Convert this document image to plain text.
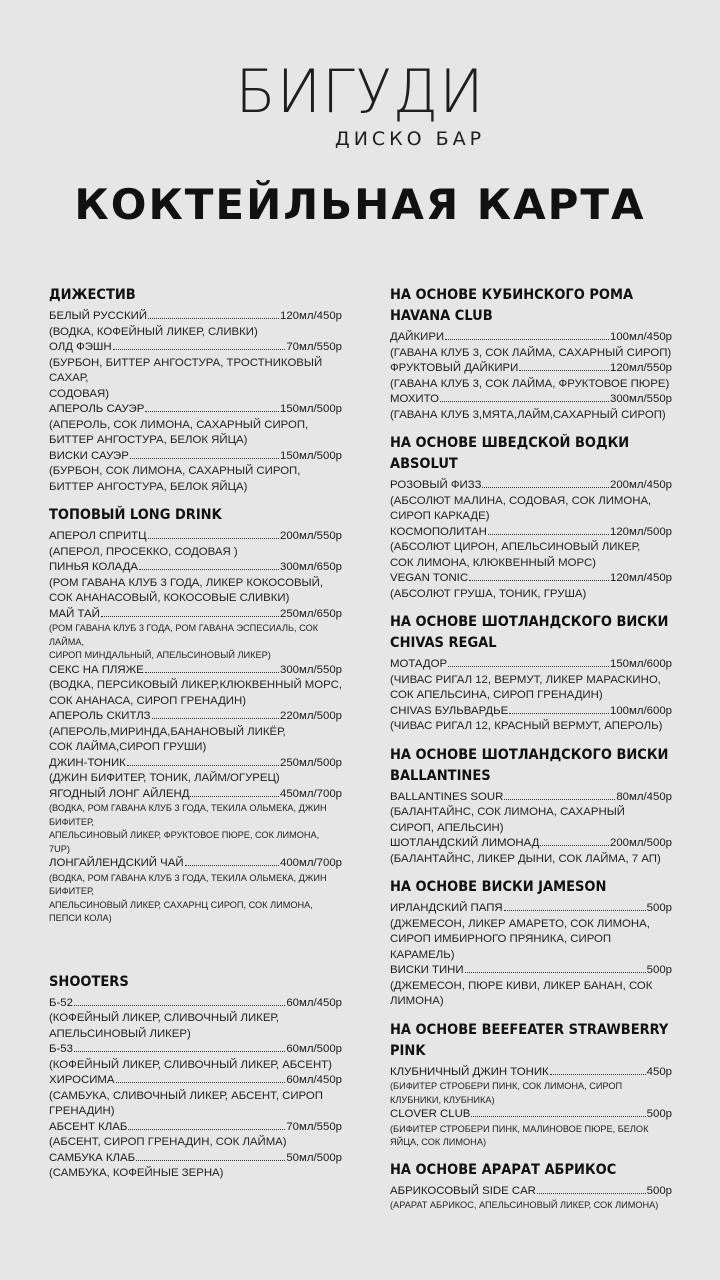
БИГУДИ
ДИСКО БАР
КОКТЕЙЛЬНАЯ КАРТА
ДИЖЕСТИВ
БЕЛЫЙ РУССКИЙ	120мл/450р
(ВОДКА, КОФЕЙНЫЙ ЛИКЕР, СЛИВКИ)
ОЛД ФЭШН	70мл/550р
(БУРБОН, БИТТЕР АНГОСТУРА, ТРОСТНИКОВЫЙ САХАР,
СОДОВАЯ)
АПЕРОЛЬ САУЭР	150мл/500р
(АПЕРОЛЬ, СОК ЛИМОНА, САХАРНЫЙ СИРОП,
БИТТЕР АНГОСТУРА, БЕЛОК ЯЙЦА)
ВИСКИ САУЭР	150мл/500р
(БУРБОН, СОК ЛИМОНА, САХАРНЫЙ СИРОП,
БИТТЕР АНГОСТУРА, БЕЛОК ЯЙЦА)
ТОПОВЫЙ LONG DRINK
АПЕРОЛ СПРИТЦ	200мл/550р
(АПЕРОЛ, ПРОСЕККО, СОДОВАЯ )
ПИНЬЯ КОЛАДА	300мл/650р
(РОМ ГАВАНА КЛУБ 3 ГОДА, ЛИКЕР КОКОСОВЫЙ,
СОК АНАНАСОВЫЙ, КОКОСОВЫЕ СЛИВКИ)
МАЙ ТАЙ	250мл/650р
(РОМ ГАВАНА КЛУБ 3 ГОДА, РОМ ГАВАНА ЭСПЕСИАЛЬ, СОК ЛАЙМА,
СИРОП МИНДАЛЬНЫЙ, АПЕЛЬСИНОВЫЙ ЛИКЕР)
СЕКС НА ПЛЯЖЕ	300мл/550р
(ВОДКА, ПЕРСИКОВЫЙ ЛИКЕР,КЛЮКВЕННЫЙ МОРС,
СОК АНАНАСА, СИРОП ГРЕНАДИН)
АПЕРОЛЬ СКИТЛЗ	220мл/500р
(АПЕРОЛЬ,МИРИНДА,БАНАНОВЫЙ ЛИКЁР,
СОК ЛАЙМА,СИРОП ГРУШИ)
ДЖИН-ТОНИК	250мл/500р
(ДЖИН БИФИТЕР, ТОНИК, ЛАЙМ/ОГУРЕЦ)
ЯГОДНЫЙ ЛОНГ АЙЛЕНД	450мл/700р
(ВОДКА, РОМ ГАВАНА КЛУБ 3 ГОДА, ТЕКИЛА ОЛЬМЕКА, ДЖИН БИФИТЕР,
АПЕЛЬСИНОВЫЙ ЛИКЕР, ФРУКТОВОЕ ПЮРЕ, СОК ЛИМОНА, 7UP)
ЛОНГАЙЛЕНДСКИЙ ЧАЙ	400мл/700р
(ВОДКА, РОМ ГАВАНА КЛУБ 3 ГОДА, ТЕКИЛА ОЛЬМЕКА, ДЖИН БИФИТЕР,
АПЕЛЬСИНОВЫЙ ЛИКЕР, САХАРНЦ СИРОП, СОК ЛИМОНА, ПЕПСИ КОЛА)
SHOOTERS
Б-52	60мл/450р
(КОФЕЙНЫЙ ЛИКЕР, СЛИВОЧНЫЙ ЛИКЕР,
АПЕЛЬСИНОВЫЙ ЛИКЕР)
Б-53	60мл/500р
(КОФЕЙНЫЙ ЛИКЕР, СЛИВОЧНЫЙ ЛИКЕР, АБСЕНТ)
ХИРОСИМА	60мл/450р
(САМБУКА, СЛИВОЧНЫЙ ЛИКЕР, АБСЕНТ, СИРОП ГРЕНАДИН)
АБСЕНТ КЛАБ	70мл/550р
(АБСЕНТ, СИРОП ГРЕНАДИН, СОК ЛАЙМА)
САМБУКА КЛАБ	50мл/500р
(САМБУКА, КОФЕЙНЫЕ ЗЕРНА)
НА ОСНОВЕ КУБИНСКОГО РОМА
HAVANA CLUB
ДАЙКИРИ	100мл/450р
(ГАВАНА КЛУБ 3, СОК ЛАЙМА, САХАРНЫЙ СИРОП)
ФРУКТОВЫЙ ДАЙКИРИ	120мл/550р
(ГАВАНА КЛУБ 3, СОК ЛАЙМА, ФРУКТОВОЕ ПЮРЕ)
МОХИТО	300мл/550р
(ГАВАНА КЛУБ 3,МЯТА,ЛАЙМ,САХАРНЫЙ СИРОП)
НА ОСНОВЕ ШВЕДСКОЙ ВОДКИ ABSOLUT
РОЗОВЫЙ ФИЗЗ	200мл/450р
(АБСОЛЮТ МАЛИНА, СОДОВАЯ, СОК ЛИМОНА,
СИРОП КАРКАДЕ)
КОСМОПОЛИТАН	120мл/500р
(АБСОЛЮТ ЦИРОН, АПЕЛЬСИНОВЫЙ ЛИКЕР,
СОК ЛИМОНА, КЛЮКВЕННЫЙ МОРС)
VEGAN TONIC	120мл/450р
(АБСОЛЮТ ГРУША, ТОНИК, ГРУША)
НА ОСНОВЕ ШОТЛАНДСКОГО ВИСКИ
CHIVAS REGAL
МОТАДОР	150мл/600р
(ЧИВАС РИГАЛ 12, ВЕРМУТ, ЛИКЕР МАРАСКИНО,
СОК АПЕЛЬСИНА, СИРОП ГРЕНАДИН)
CHIVAS БУЛЬВАРДЬЕ	100мл/600р
(ЧИВАС РИГАЛ 12, КРАСНЫЙ ВЕРМУТ, АПЕРОЛЬ)
НА ОСНОВЕ ШОТЛАНДСКОГО ВИСКИ
BALLANTINES
BALLANTINES SOUR	80мл/450р
(БАЛАНТАЙНС, СОК ЛИМОНА, САХАРНЫЙ СИРОП, АПЕЛЬСИН)
ШОТЛАНДСКИЙ ЛИМОНАД	200мл/500р
(БАЛАНТАЙНС, ЛИКЕР ДЫНИ, СОК ЛАЙМА, 7 АП)
НА ОСНОВЕ ВИСКИ JAMESON
ИРЛАНДСКИЙ ПАПЯ	500р
(ДЖЕМЕСОН, ЛИКЕР АМАРЕТО, СОК ЛИМОНА,
СИРОП ИМБИРНОГО ПРЯНИКА, СИРОП КАРАМЕЛЬ)
ВИСКИ ТИНИ	500р
(ДЖЕМЕСОН, ПЮРЕ КИВИ, ЛИКЕР БАНАН, СОК ЛИМОНА)
НА ОСНОВЕ BEEFEATER STRAWBERRY PINK
КЛУБНИЧНЫЙ ДЖИН ТОНИК	450р
(БИФИТЕР СТРОБЕРИ ПИНК, СОК ЛИМОНА, СИРОП КЛУБНИКИ, КЛУБНИКА)
CLOVER CLUB	500р
(БИФИТЕР СТРОБЕРИ ПИНК, МАЛИНОВОЕ ПЮРЕ, БЕЛОК ЯЙЦА, СОК ЛИМОНА)
НА ОСНОВЕ АРАРАТ АБРИКОС
АБРИКОСОВЫЙ SIDE CAR	500р
(АРАРАТ АБРИКОС, АПЕЛЬСИНОВЫЙ ЛИКЕР, СОК ЛИМОНА)
